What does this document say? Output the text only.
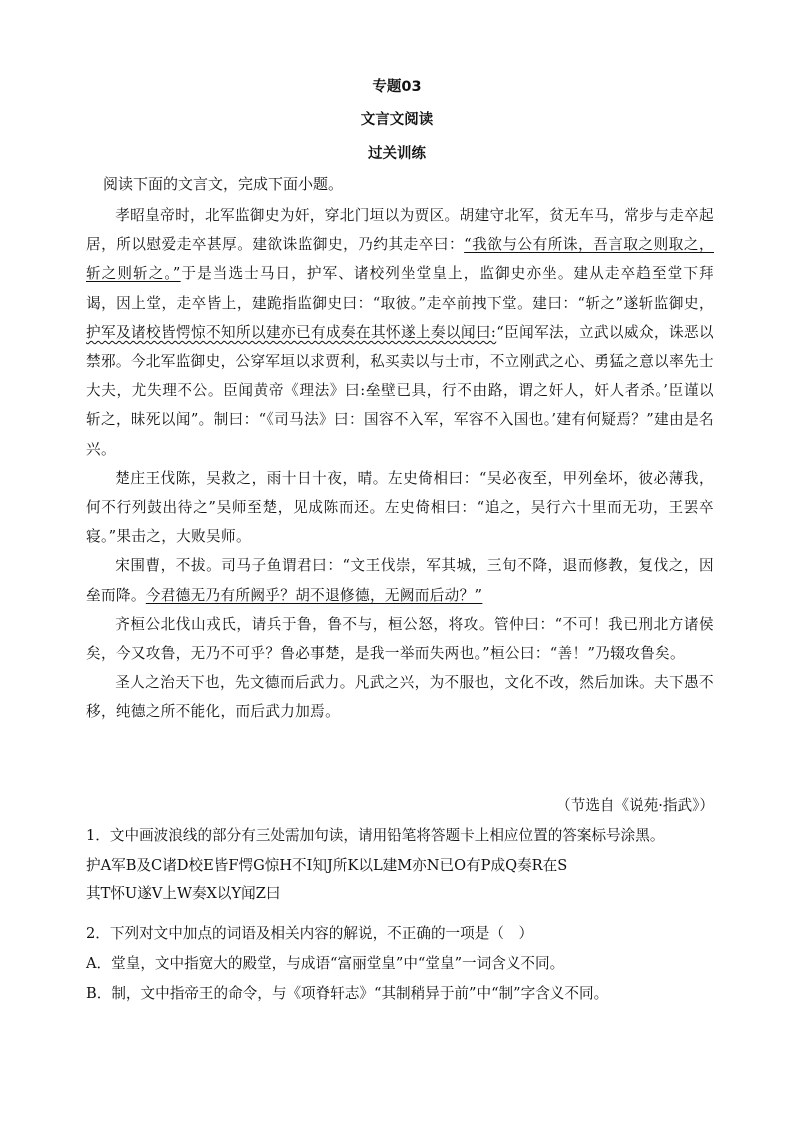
专题03
文言文阅读
过关训练
阅读下面的文言文，完成下面小题。

孝昭皇帝时，北军监御史为奸，穿北门垣以为贾区。胡建守北军，贫无车马，常步与走卒起居，所以慰爱走卒甚厚。建欲诛监御史，乃约其走卒曰：“我欲与公有所诛，吾言取之则取之，斩之则斩之。”于是当选士马日，护军、诸校列坐堂皇上，监御史亦坐。建从走卒趋至堂下拜谒，因上堂，走卒皆上，建跪指监御史曰：“取彼。”走卒前拽下堂。建曰：“斩之”遂斩监御史，护军及诸校皆愕惊不知所以建亦已有成奏在其怀遂上奏以闻曰:“臣闻军法，立武以威众，诛恶以禁邪。今北军监御史，公穿军垣以求贾利，私买卖以与士市，不立刚武之心、勇猛之意以率先士大夫，尤失理不公。臣闻黄帝《理法》曰:垒壁已具，行不由路，谓之奸人，奸人者杀。’臣谨以斩之，昧死以闻”。制曰：“《司马法》曰：国容不入军，军容不入国也。’建有何疑焉？”建由是名兴。

楚庄王伐陈，吴救之，雨十日十夜，晴。左史倚相曰：“吴必夜至，甲列垒坏，彼必薄我，何不行列鼓出待之”吴师至楚，见成陈而还。左史倚相曰：“追之，吴行六十里而无功，王罢卒寝。”果击之，大败吴师。

宋围曹，不拔。司马子鱼谓君曰：“文王伐崇，军其城，三旬不降，退而修教，复伐之，因垒而降。今君德无乃有所阙乎？胡不退修德，无阙而后动？”

齐桓公北伐山戎氏，请兵于鲁，鲁不与，桓公怒，将攻。管仲曰：“不可！我已刑北方诸侯矣，今又攻鲁，无乃不可乎？鲁必事楚，是我一举而失两也。”桓公曰：“善！”乃辍攻鲁矣。

圣人之治天下也，先文德而后武力。凡武之兴，为不服也，文化不改，然后加诛。夫下愚不移，纯德之所不能化，而后武力加焉。

（节选自《说苑·指武》）
1．文中画波浪线的部分有三处需加句读，请用铅笔将答题卡上相应位置的答案标号涂黑。
护A军B及C诸D校E皆F愕G惊H不I知J所K以L建M亦N已O有P成Q奏R在S
其T怀U遂V上W奏X以Y闻Z曰
2．下列对文中加点的词语及相关内容的解说，不正确的一项是（　）
A．堂皇，文中指宽大的殿堂，与成语“富丽堂皇”中“堂皇”一词含义不同。
B．制，文中指帝王的命令，与《项脊轩志》“其制稍异于前”中“制”字含义不同。
